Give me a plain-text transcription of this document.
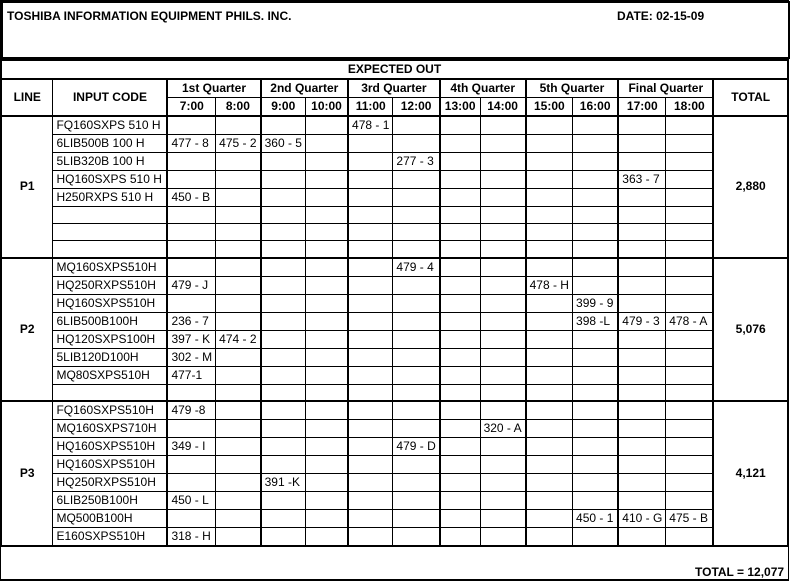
TOSHIBA INFORMATION EQUIPMENT PHILS. INC.	DATE: 02-15-09
EXPECTED OUT														
LINE	INPUT CODE	1st Quarter		2nd Quarter		3rd Quarter		4th Quarter		5th Quarter		Final Quarter		TOTAL
		7:00	8:00	9:00	10:00	11:00	12:00	13:00	14:00	15:00	16:00	17:00	18:00	
P1	FQ160SXPS 510 H					478 - 1								2,880
	6LIB500B 100 H	477 - 8	475 - 2	360 - 5										
	5LIB320B 100 H						277 - 3							
	HQ160SXPS 510 H											363 - 7		
	H250RXPS 510 H	450 - B												

P2	MQ160SXPS510H						479 - 4							5,076
	HQ250RXPS510H	479 - J								478 - H				
	HQ160SXPS510H										399 - 9			
	6LIB500B100H	236 - 7									398 -L	479 - 3	478 - A	
	HQ120SXPS100H	397 - K	474 - 2											
	5LIB120D100H	302 - M												
	MQ80SXPS510H	477-1												

P3	FQ160SXPS510H	479 -8												4,121
	MQ160SXPS710H								320 - A					
	HQ160SXPS510H	349 - I					479 - D							
	HQ160SXPS510H													
	HQ250RXPS510H			391 -K										
	6LIB250B100H	450 - L												
	MQ500B100H										450 - 1	410 - G	475 - B	
	E160SXPS510H	318 - H												
TOTAL = 12,077
